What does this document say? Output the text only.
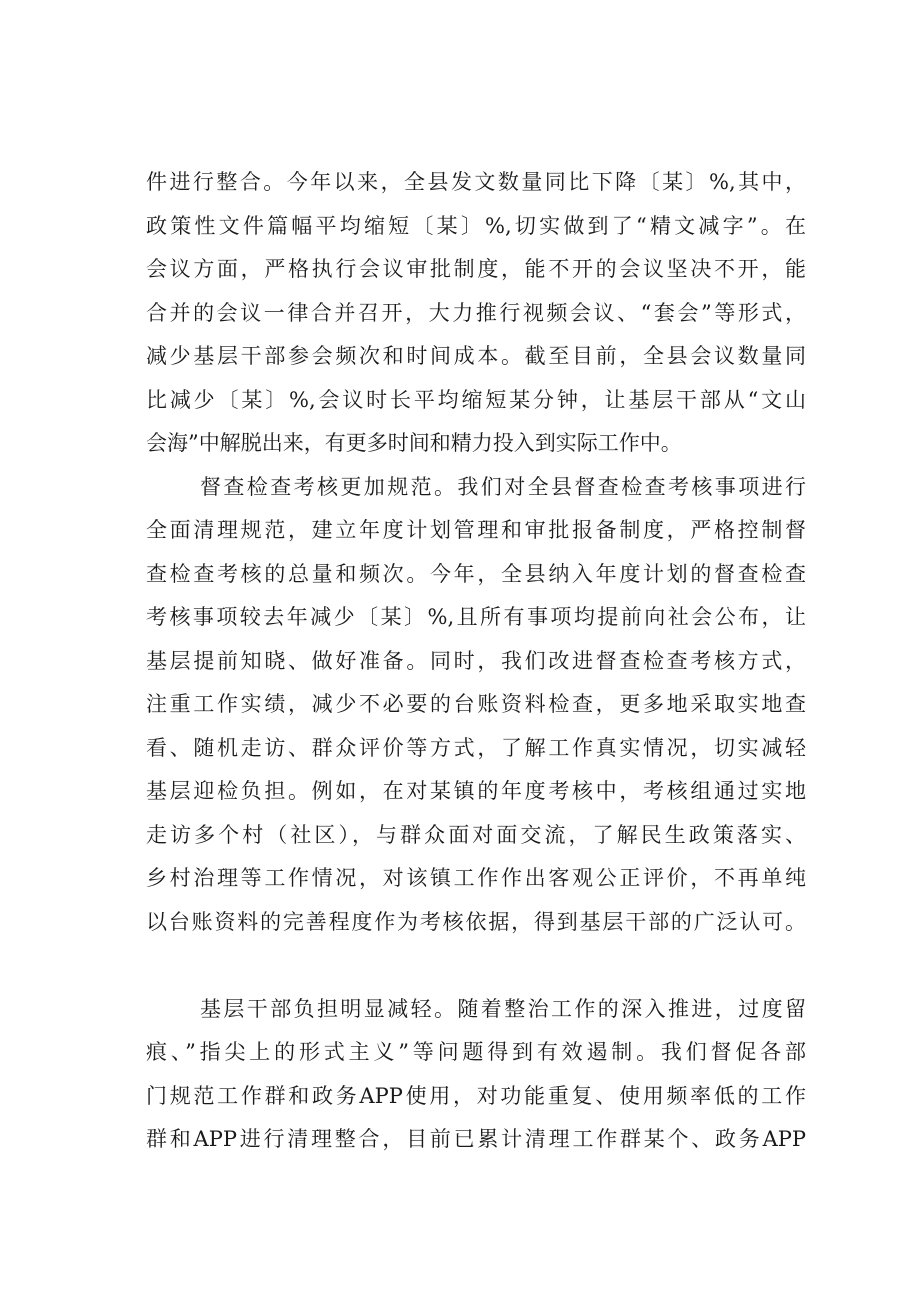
件进行整合。今年以来，全县发文数量同比下降〔某〕%,其中，
政策性文件篇幅平均缩短〔某〕%,切实做到了“精文减字”。在
会议方面，严格执行会议审批制度，能不开的会议坚决不开，能
合并的会议一律合并召开，大力推行视频会议、“套会”等形式，
减少基层干部参会频次和时间成本。截至目前，全县会议数量同
比减少〔某〕%,会议时长平均缩短某分钟，让基层干部从“文山
会海”中解脱出来，有更多时间和精力投入到实际工作中。
督查检查考核更加规范。我们对全县督查检查考核事项进行
全面清理规范，建立年度计划管理和审批报备制度，严格控制督
查检查考核的总量和频次。今年，全县纳入年度计划的督查检查
考核事项较去年减少〔某〕%,且所有事项均提前向社会公布，让
基层提前知晓、做好准备。同时，我们改进督查检查考核方式，
注重工作实绩，减少不必要的台账资料检查，更多地采取实地查
看、随机走访、群众评价等方式，了解工作真实情况，切实减轻
基层迎检负担。例如，在对某镇的年度考核中，考核组通过实地
走访多个村（社区），与群众面对面交流，了解民生政策落实、
乡村治理等工作情况，对该镇工作作出客观公正评价，不再单纯
以台账资料的完善程度作为考核依据，得到基层干部的广泛认可。
基层干部负担明显减轻。随着整治工作的深入推进，过度留
痕、”指尖上的形式主义”等问题得到有效遏制。我们督促各部
门规范工作群和政务APP使用，对功能重复、使用频率低的工作
群和APP进行清理整合，目前已累计清理工作群某个、政务APP
